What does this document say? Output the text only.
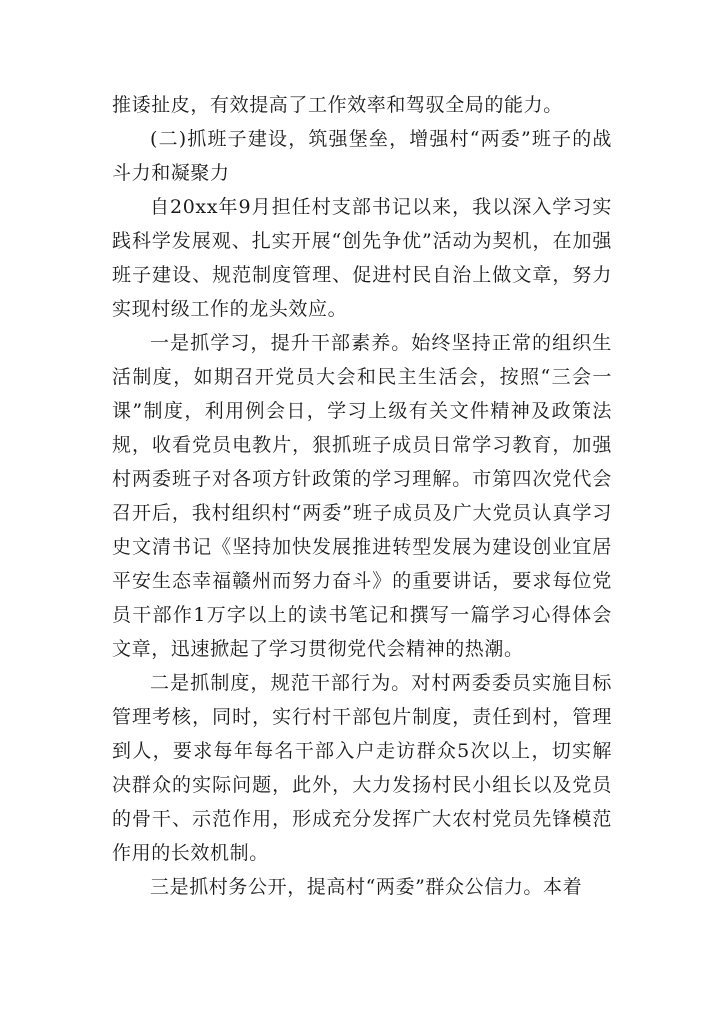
推诿扯皮，有效提高了工作效率和驾驭全局的能力。

(二)抓班子建设，筑强堡垒，增强村“两委”班子的战斗力和凝聚力

自20xx年9月担任村支部书记以来，我以深入学习实践科学发展观、扎实开展“创先争优”活动为契机，在加强班子建设、规范制度管理、促进村民自治上做文章，努力实现村级工作的龙头效应。

一是抓学习，提升干部素养。始终坚持正常的组织生活制度，如期召开党员大会和民主生活会，按照“三会一课”制度，利用例会日，学习上级有关文件精神及政策法规，收看党员电教片，狠抓班子成员日常学习教育，加强村两委班子对各项方针政策的学习理解。市第四次党代会召开后，我村组织村“两委”班子成员及广大党员认真学习史文清书记《坚持加快发展推进转型发展为建设创业宜居平安生态幸福赣州而努力奋斗》的重要讲话，要求每位党员干部作1万字以上的读书笔记和撰写一篇学习心得体会文章，迅速掀起了学习贯彻党代会精神的热潮。

二是抓制度，规范干部行为。对村两委委员实施目标管理考核，同时，实行村干部包片制度，责任到村，管理到人，要求每年每名干部入户走访群众5次以上，切实解决群众的实际问题，此外，大力发扬村民小组长以及党员的骨干、示范作用，形成充分发挥广大农村党员先锋模范作用的长效机制。

三是抓村务公开，提高村“两委”群众公信力。本着
